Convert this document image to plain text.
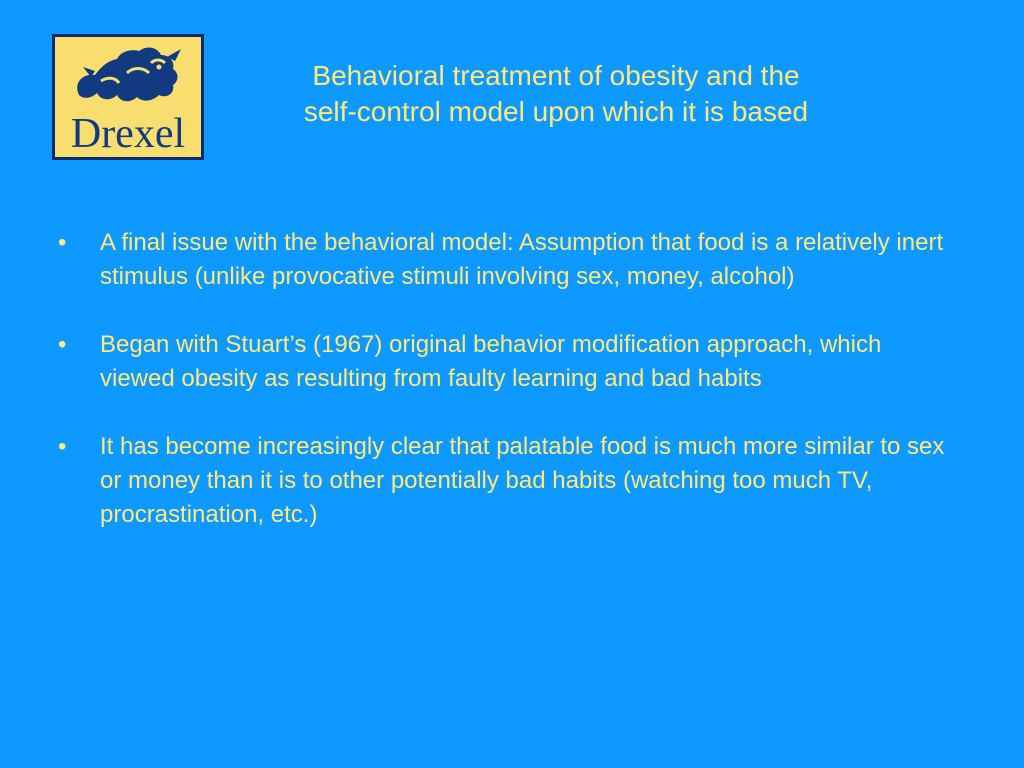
Drexel
Behavioral treatment of obesity and the
self-control model upon which it is based
• A final issue with the behavioral model: Assumption that food is a relatively inert stimulus (unlike provocative stimuli involving sex, money, alcohol)
• Began with Stuart’s (1967) original behavior modification approach, which viewed obesity as resulting from faulty learning and bad habits
• It has become increasingly clear that palatable food is much more similar to sex or money than it is to other potentially bad habits (watching too much TV, procrastination, etc.)
